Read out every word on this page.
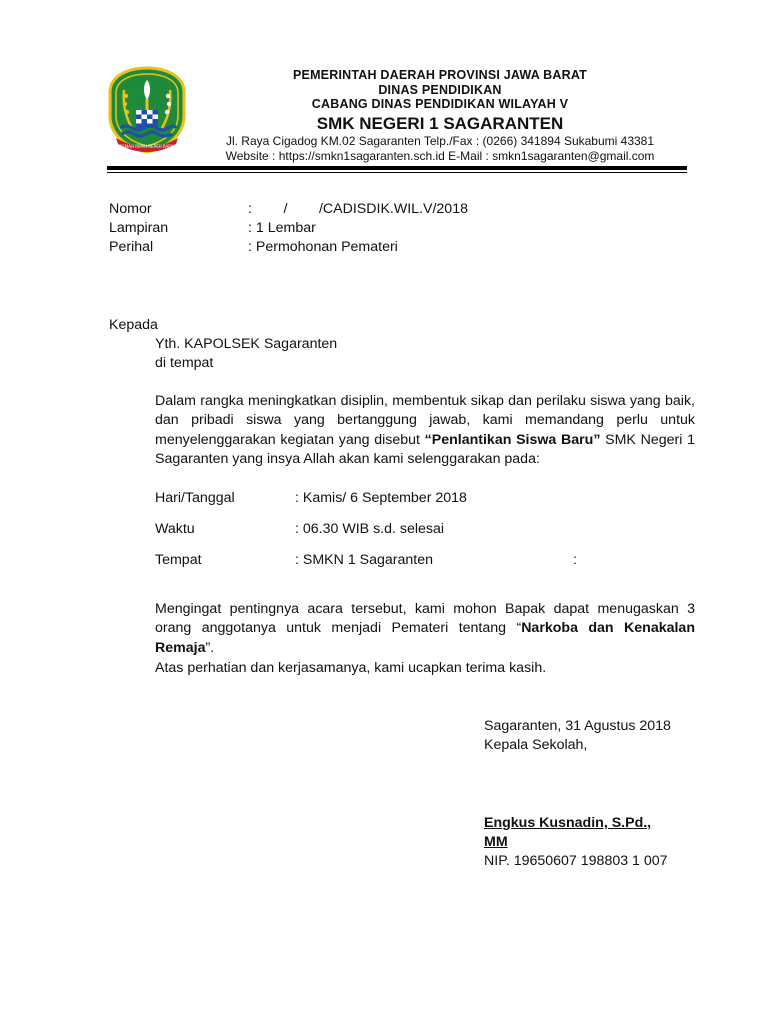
GEMAH RIPAH REPEH RAPIH
PEMERINTAH DAERAH PROVINSI JAWA BARAT
DINAS PENDIDIKAN
CABANG DINAS PENDIDIKAN WILAYAH V
SMK NEGERI 1 SAGARANTEN
Jl. Raya Cigadog KM.02 Sagaranten Telp./Fax : (0266) 341894 Sukabumi 43381
Website : https://smkn1sagaranten.sch.id E-Mail : smkn1sagaranten@gmail.com
Nomor	:        /        /CADISDIK.WIL.V/2018
Lampiran	: 1 Lembar
Perihal	: Permohonan Pemateri
Kepada
Yth. KAPOLSEK Sagaranten
di tempat
Dalam rangka meningkatkan disiplin, membentuk sikap dan perilaku siswa yang baik, dan pribadi siswa yang bertanggung jawab, kami memandang perlu untuk menyelenggarakan kegiatan yang disebut “Penlantikan Siswa Baru” SMK Negeri 1 Sagaranten yang insya Allah akan kami selenggarakan pada:
Hari/Tanggal	: Kamis/ 6 September 2018
Waktu	: 06.30 WIB s.d. selesai
Tempat	: SMKN 1 Sagaranten	:
Mengingat pentingnya acara tersebut, kami mohon Bapak dapat menugaskan 3 orang anggotanya untuk menjadi Pemateri tentang “Narkoba dan Kenakalan Remaja”.
Atas perhatian dan kerjasamanya, kami ucapkan terima kasih.
Sagaranten, 31 Agustus 2018
Kepala Sekolah,
Engkus Kusnadin, S.Pd.,
MM
NIP. 19650607 198803 1 007
